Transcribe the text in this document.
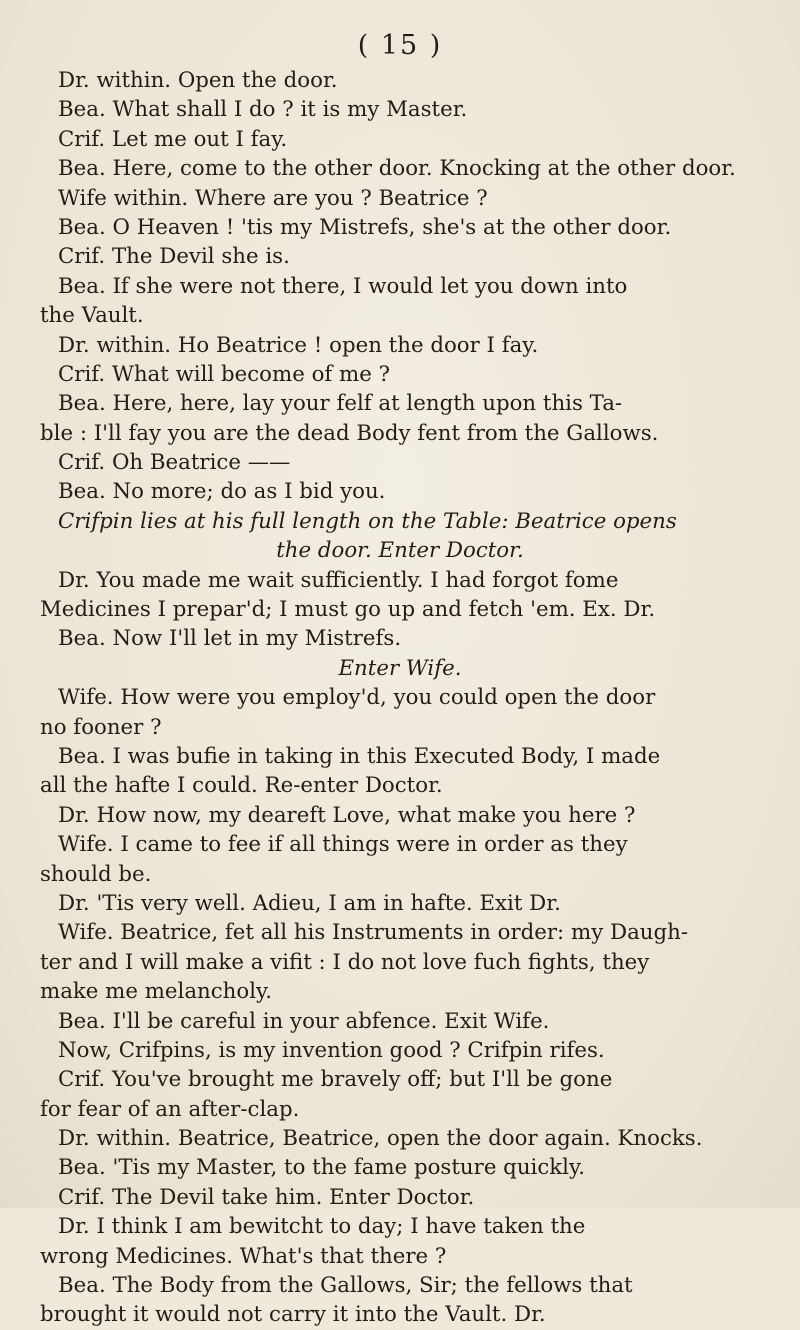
( 15 )
Dr. within. Open the door.
Bea. What shall I do ? it is my Master.
Crif. Let me out I fay.
Bea. Here, come to the other door. Knocking at the other door.
Wife within. Where are you ? Beatrice ?
Bea. O Heaven ! 'tis my Mistrefs, she's at the other door.
Crif. The Devil she is.
Bea. If she were not there, I would let you down into
the Vault.
Dr. within. Ho Beatrice ! open the door I fay.
Crif. What will become of me ?
Bea. Here, here, lay your felf at length upon this Ta-
ble : I'll fay you are the dead Body fent from the Gallows.
Crif. Oh Beatrice ——
Bea. No more; do as I bid you.
Crifpin lies at his full length on the Table: Beatrice opens
the door. Enter Doctor.
Dr. You made me wait sufficiently. I had forgot fome
Medicines I prepar'd; I must go up and fetch 'em. Ex. Dr.
Bea. Now I'll let in my Mistrefs.
Enter Wife.
Wife. How were you employ'd, you could open the door
no fooner ?
Bea. I was bufie in taking in this Executed Body, I made
all the hafte I could. Re-enter Doctor.
Dr. How now, my deareft Love, what make you here ?
Wife. I came to fee if all things were in order as they
should be.
Dr. 'Tis very well. Adieu, I am in hafte. Exit Dr.
Wife. Beatrice, fet all his Instruments in order: my Daugh-
ter and I will make a vifit : I do not love fuch fights, they
make me melancholy.
Bea. I'll be careful in your abfence. Exit Wife.
Now, Crifpins, is my invention good ? Crifpin rifes.
Crif. You've brought me bravely off; but I'll be gone
for fear of an after-clap.
Dr. within. Beatrice, Beatrice, open the door again. Knocks.
Bea. 'Tis my Master, to the fame posture quickly.
Crif. The Devil take him. Enter Doctor.
Dr. I think I am bewitcht to day; I have taken the
wrong Medicines. What's that there ?
Bea. The Body from the Gallows, Sir; the fellows that
brought it would not carry it into the Vault. Dr.
